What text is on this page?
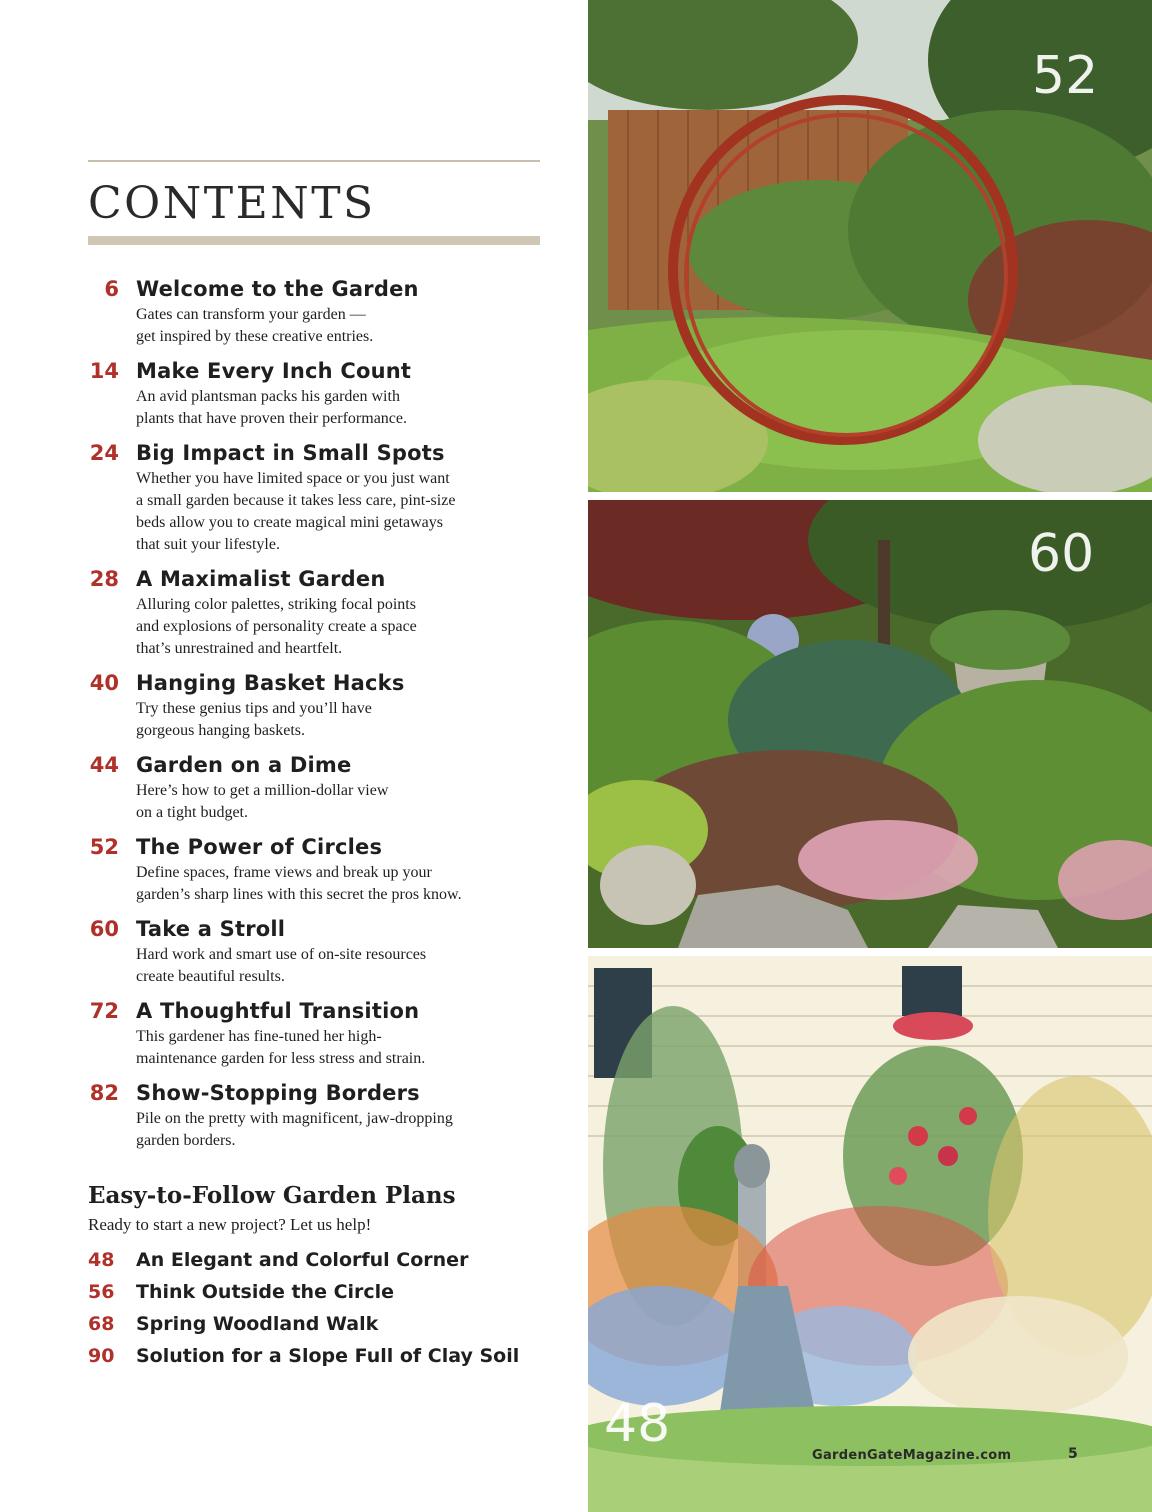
CONTENTS
6 Welcome to the Garden
Gates can transform your garden —
get inspired by these creative entries.
14 Make Every Inch Count
An avid plantsman packs his garden with
plants that have proven their performance.
24 Big Impact in Small Spots
Whether you have limited space or you just want
a small garden because it takes less care, pint-size
beds allow you to create magical mini getaways
that suit your lifestyle.
28 A Maximalist Garden
Alluring color palettes, striking focal points
and explosions of personality create a space
that’s unrestrained and heartfelt.
40 Hanging Basket Hacks
Try these genius tips and you’ll have
gorgeous hanging baskets.
44 Garden on a Dime
Here’s how to get a million-dollar view
on a tight budget.
52 The Power of Circles
Define spaces, frame views and break up your
garden’s sharp lines with this secret the pros know.
60 Take a Stroll
Hard work and smart use of on-site resources
create beautiful results.
72 A Thoughtful Transition
This gardener has fine-tuned her high-
maintenance garden for less stress and strain.
82 Show-Stopping Borders
Pile on the pretty with magnificent, jaw-dropping
garden borders.
Easy-to-Follow Garden Plans
Ready to start a new project? Let us help!
48 An Elegant and Colorful Corner
56 Think Outside the Circle
68 Spring Woodland Walk
90 Solution for a Slope Full of Clay Soil
52
60
48
GardenGateMagazine.com	5
